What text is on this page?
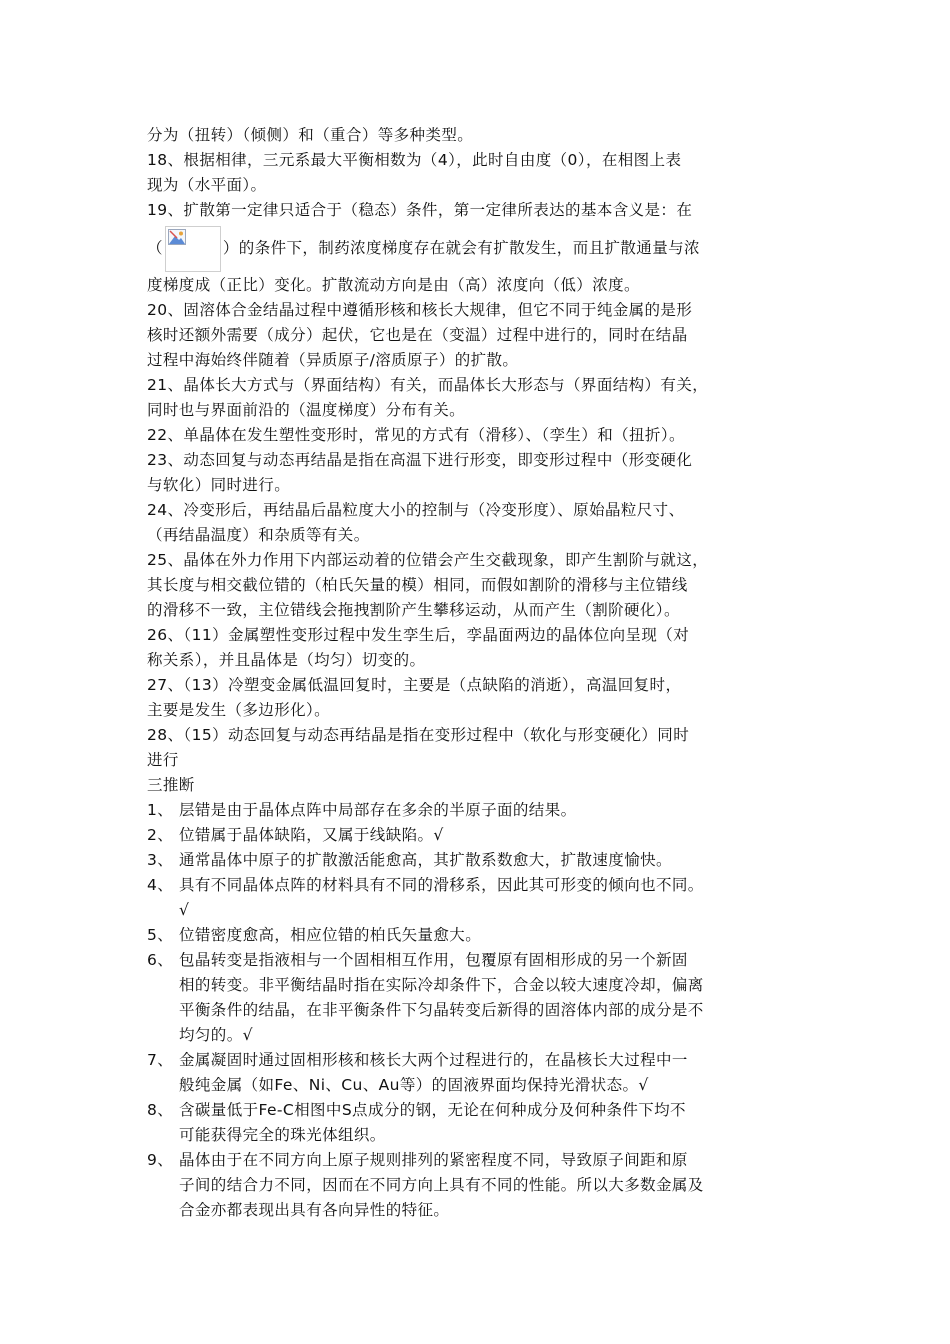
分为（扭转）（倾侧）和（重合）等多种类型。
18、根据相律，三元系最大平衡相数为（4），此时自由度（0），在相图上表
现为（水平面）。
19、扩散第一定律只适合于（稳态）条件，第一定律所表达的基本含义是：在
（	）的条件下，制药浓度梯度存在就会有扩散发生，而且扩散通量与浓
度梯度成（正比）变化。扩散流动方向是由（高）浓度向（低）浓度。
20、固溶体合金结晶过程中遵循形核和核长大规律，但它不同于纯金属的是形
核时还额外需要（成分）起伏，它也是在（变温）过程中进行的，同时在结晶
过程中海始终伴随着（异质原子/溶质原子）的扩散。
21、晶体长大方式与（界面结构）有关，而晶体长大形态与（界面结构）有关，
同时也与界面前沿的（温度梯度）分布有关。
22、单晶体在发生塑性变形时，常见的方式有（滑移）、（孪生）和（扭折）。
23、动态回复与动态再结晶是指在高温下进行形变，即变形过程中（形变硬化
与软化）同时进行。
24、冷变形后，再结晶后晶粒度大小的控制与（冷变形度）、原始晶粒尺寸、
（再结晶温度）和杂质等有关。
25、晶体在外力作用下内部运动着的位错会产生交截现象，即产生割阶与就这，
其长度与相交截位错的（柏氏矢量的模）相同，而假如割阶的滑移与主位错线
的滑移不一致，主位错线会拖拽割阶产生攀移运动，从而产生（割阶硬化）。
26、（11）金属塑性变形过程中发生孪生后，孪晶面两边的晶体位向呈现（对
称关系），并且晶体是（均匀）切变的。
27、（13）冷塑变金属低温回复时，主要是（点缺陷的消逝），高温回复时，
主要是发生（多边形化）。
28、（15）动态回复与动态再结晶是指在变形过程中（软化与形变硬化）同时
进行
三推断
1、 层错是由于晶体点阵中局部存在多余的半原子面的结果。
2、 位错属于晶体缺陷，又属于线缺陷。√
3、 通常晶体中原子的扩散激活能愈高，其扩散系数愈大，扩散速度愉快。
4、 具有不同晶体点阵的材料具有不同的滑移系，因此其可形变的倾向也不同。
√
5、 位错密度愈高，相应位错的柏氏矢量愈大。
6、 包晶转变是指液相与一个固相相互作用，包覆原有固相形成的另一个新固
相的转变。非平衡结晶时指在实际冷却条件下，合金以较大速度冷却，偏离
平衡条件的结晶，在非平衡条件下匀晶转变后新得的固溶体内部的成分是不
均匀的。√
7、 金属凝固时通过固相形核和核长大两个过程进行的，在晶核长大过程中一
般纯金属（如Fe、Ni、Cu、Au等）的固液界面均保持光滑状态。√
8、 含碳量低于Fe-C相图中S点成分的钢，无论在何种成分及何种条件下均不
可能获得完全的珠光体组织。
9、 晶体由于在不同方向上原子规则排列的紧密程度不同，导致原子间距和原
子间的结合力不同，因而在不同方向上具有不同的性能。所以大多数金属及
合金亦都表现出具有各向异性的特征。
